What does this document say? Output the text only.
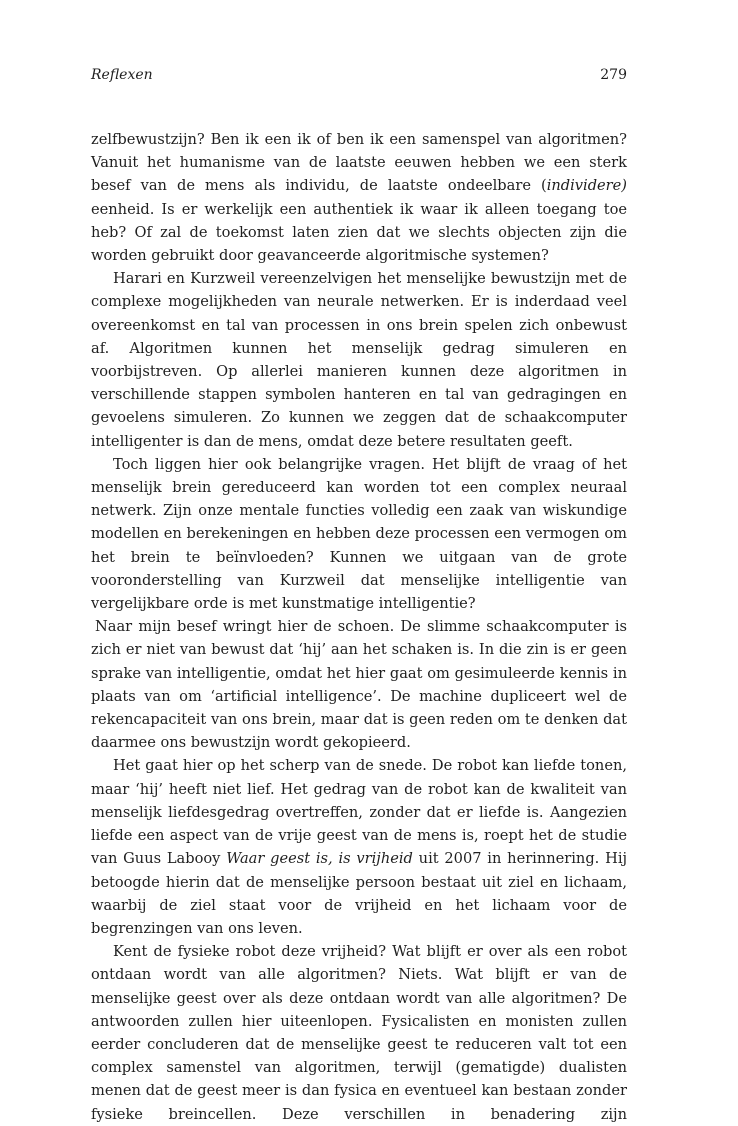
Reflexen	279

zelfbewustzijn? Ben ik een ik of ben ik een samenspel van algoritmen? Vanuit het humanisme van de laatste eeuwen hebben we een sterk besef van de mens als individu, de laatste ondeelbare (individere) eenheid. Is er werkelijk een authentiek ik waar ik alleen toegang toe heb? Of zal de toekomst laten zien dat we slechts objecten zijn die worden gebruikt door geavanceerde algoritmische systemen?

Harari en Kurzweil vereenzelvigen het menselijke bewustzijn met de complexe mogelijkheden van neurale netwerken. Er is inderdaad veel overeenkomst en tal van processen in ons brein spelen zich onbewust af. Algoritmen kunnen het menselijk gedrag simuleren en voorbijstreven. Op allerlei manieren kunnen deze algoritmen in verschillende stappen symbolen hanteren en tal van gedragingen en gevoelens simuleren. Zo kunnen we zeggen dat de schaakcomputer intelligenter is dan de mens, omdat deze betere resultaten geeft.

Toch liggen hier ook belangrijke vragen. Het blijft de vraag of het menselijk brein gereduceerd kan worden tot een complex neuraal netwerk. Zijn onze mentale functies volledig een zaak van wiskundige modellen en berekeningen en hebben deze processen een vermogen om het brein te beïnvloeden? Kunnen we uitgaan van de grote vooronderstelling van Kurzweil dat menselijke intelligentie van vergelijkbare orde is met kunstmatige intelligentie?

Naar mijn besef wringt hier de schoen. De slimme schaakcomputer is zich er niet van bewust dat ‘hij’ aan het schaken is. In die zin is er geen sprake van intelligentie, omdat het hier gaat om gesimuleerde kennis in plaats van om ‘artificial intelligence’. De machine dupliceert wel de rekencapaciteit van ons brein, maar dat is geen reden om te denken dat daarmee ons bewustzijn wordt gekopieerd.

Het gaat hier op het scherp van de snede. De robot kan liefde tonen, maar ‘hij’ heeft niet lief. Het gedrag van de robot kan de kwaliteit van menselijk liefdesgedrag overtreffen, zonder dat er liefde is. Aangezien liefde een aspect van de vrije geest van de mens is, roept het de studie van Guus Labooy Waar geest is, is vrijheid uit 2007 in herinnering. Hij betoogde hierin dat de menselijke persoon bestaat uit ziel en lichaam, waarbij de ziel staat voor de vrijheid en het lichaam voor de begrenzingen van ons leven.

Kent de fysieke robot deze vrijheid? Wat blijft er over als een robot ontdaan wordt van alle algoritmen? Niets. Wat blijft er van de menselijke geest over als deze ontdaan wordt van alle algoritmen? De antwoorden zullen hier uiteenlopen. Fysicalisten en monisten zullen eerder concluderen dat de menselijke geest te reduceren valt tot een complex samenstel van algoritmen, terwijl (gematigde) dualisten menen dat de geest meer is dan fysica en eventueel kan bestaan zonder fysieke breincellen. Deze verschillen in benadering zijn
